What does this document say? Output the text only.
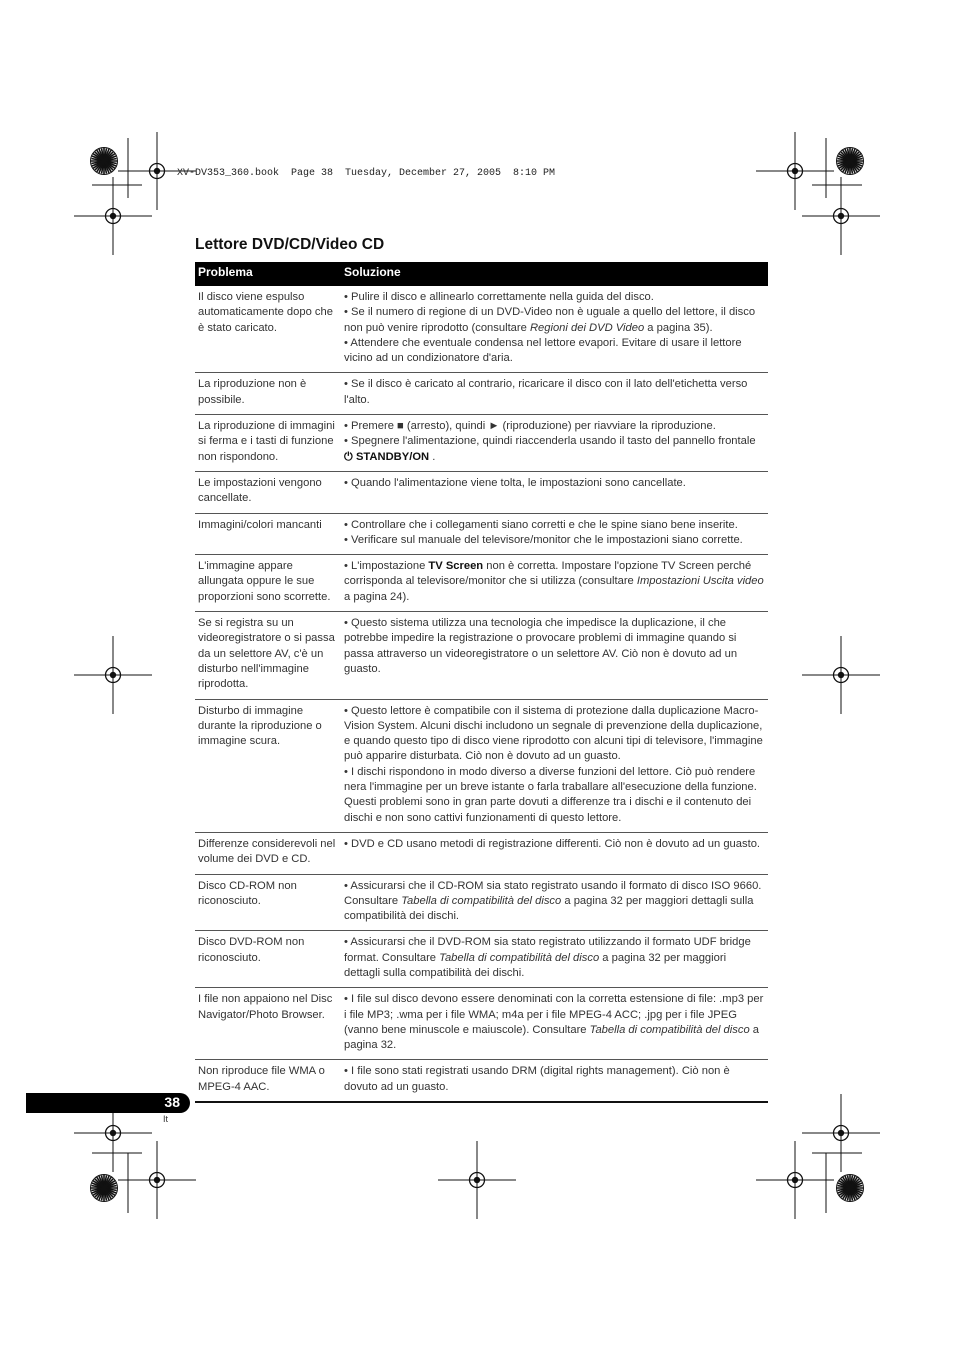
XV-DV353_360.book  Page 38  Tuesday, December 27, 2005  8:10 PM
Lettore DVD/CD/Video CD
Problema	Soluzione
Il disco viene espulso automaticamente dopo che è stato caricato.	• Pulire il disco e allinearlo correttamente nella guida del disco.
• Se il numero di regione di un DVD-Video non è uguale a quello del lettore, il disco non può venire riprodotto (consultare Regioni dei DVD Video a pagina 35).
• Attendere che eventuale condensa nel lettore evapori. Evitare di usare il lettore vicino ad un condizionatore d'aria.

La riproduzione non è possibile.	• Se il disco è caricato al contrario, ricaricare il disco con il lato dell'etichetta verso l'alto.

La riproduzione di immagini si ferma e i tasti di funzione non rispondono.	• Premere ■ (arresto), quindi ► (riproduzione) per riavviare la riproduzione.
• Spegnere l'alimentazione, quindi riaccenderla usando il tasto del pannello frontale ⏻ STANDBY/ON .

Le impostazioni vengono cancellate.	• Quando l'alimentazione viene tolta, le impostazioni sono cancellate.

Immagini/colori mancanti	• Controllare che i collegamenti siano corretti e che le spine siano bene inserite.
• Verificare sul manuale del televisore/monitor che le impostazioni siano corrette.

L'immagine appare allungata oppure le sue proporzioni sono scorrette.	• L'impostazione TV Screen non è corretta. Impostare l'opzione TV Screen perché corrisponda al televisore/monitor che si utilizza (consultare Impostazioni Uscita video a pagina 24).

Se si registra su un videoregistratore o si passa da un selettore AV, c'è un disturbo nell'immagine riprodotta.	• Questo sistema utilizza una tecnologia che impedisce la duplicazione, il che potrebbe impedire la registrazione o provocare problemi di immagine quando si passa attraverso un videoregistratore o un selettore AV. Ciò non è dovuto ad un guasto.

Disturbo di immagine durante la riproduzione o immagine scura.	• Questo lettore è compatibile con il sistema di protezione dalla duplicazione Macro-Vision System. Alcuni dischi includono un segnale di prevenzione della duplicazione, e quando questo tipo di disco viene riprodotto con alcuni tipi di televisore, l'immagine può apparire disturbata. Ciò non è dovuto ad un guasto.
• I dischi rispondono in modo diverso a diverse funzioni del lettore. Ciò può rendere nera l'immagine per un breve istante o farla traballare all'esecuzione della funzione. Questi problemi sono in gran parte dovuti a differenze tra i dischi e il contenuto dei dischi e non sono cattivi funzionamenti di questo lettore.

Differenze considerevoli nel volume dei DVD e CD.	• DVD e CD usano metodi di registrazione differenti. Ciò non è dovuto ad un guasto.

Disco CD-ROM non riconosciuto.	• Assicurarsi che il CD-ROM sia stato registrato usando il formato di disco ISO 9660. Consultare Tabella di compatibilità del disco a pagina 32 per maggiori dettagli sulla compatibilità dei dischi.

Disco DVD-ROM non riconosciuto.	• Assicurarsi che il DVD-ROM sia stato registrato utilizzando il formato UDF bridge format. Consultare Tabella di compatibilità del disco a pagina 32 per maggiori dettagli sulla compatibilità dei dischi.

I file non appaiono nel Disc Navigator/Photo Browser.	• I file sul disco devono essere denominati con la corretta estensione di file: .mp3 per i file MP3; .wma per i file WMA; m4a per i file MPEG-4 ACC; .jpg per i file JPEG (vanno bene minuscole e maiuscole). Consultare Tabella di compatibilità del disco a pagina 32.

Non riproduce file WMA o MPEG-4 AAC.	• I file sono stati registrati usando DRM (digital rights management). Ciò non è dovuto ad un guasto.
38
It
